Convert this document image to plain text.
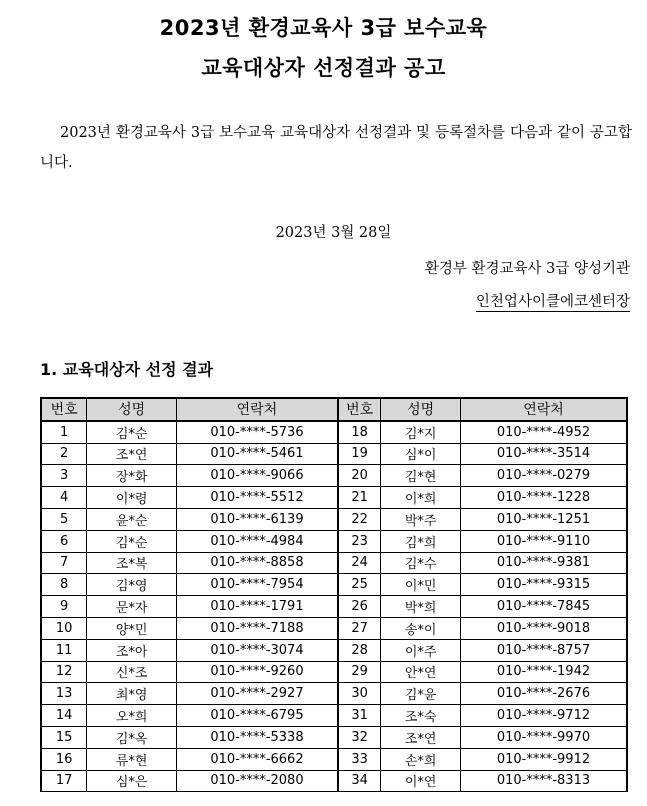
2023년 환경교육사 3급 보수교육
교육대상자 선정결과 공고
2023년 환경교육사 3급 보수교육 교육대상자 선정결과 및 등록절차를 다음과 같이 공고합니다.
2023년 3월 28일
환경부 환경교육사 3급 양성기관
인천업사이클에코센터장
1. 교육대상자 선정 결과
번호	성명	연락처	번호	성명	연락처
1	김*순	010-****-5736	18	김*지	010-****-4952
2	조*연	010-****-5461	19	심*이	010-****-3514
3	장*화	010-****-9066	20	김*현	010-****-0279
4	이*령	010-****-5512	21	이*희	010-****-1228
5	윤*순	010-****-6139	22	박*주	010-****-1251
6	김*순	010-****-4984	23	김*희	010-****-9110
7	조*복	010-****-8858	24	김*수	010-****-9381
8	김*영	010-****-7954	25	이*민	010-****-9315
9	문*자	010-****-1791	26	박*희	010-****-7845
10	양*민	010-****-7188	27	송*이	010-****-9018
11	조*아	010-****-3074	28	이*주	010-****-8757
12	신*조	010-****-9260	29	안*연	010-****-1942
13	최*영	010-****-2927	30	김*윤	010-****-2676
14	오*희	010-****-6795	31	조*숙	010-****-9712
15	김*옥	010-****-5338	32	조*연	010-****-9970
16	류*현	010-****-6662	33	손*희	010-****-9912
17	심*은	010-****-2080	34	이*연	010-****-8313
